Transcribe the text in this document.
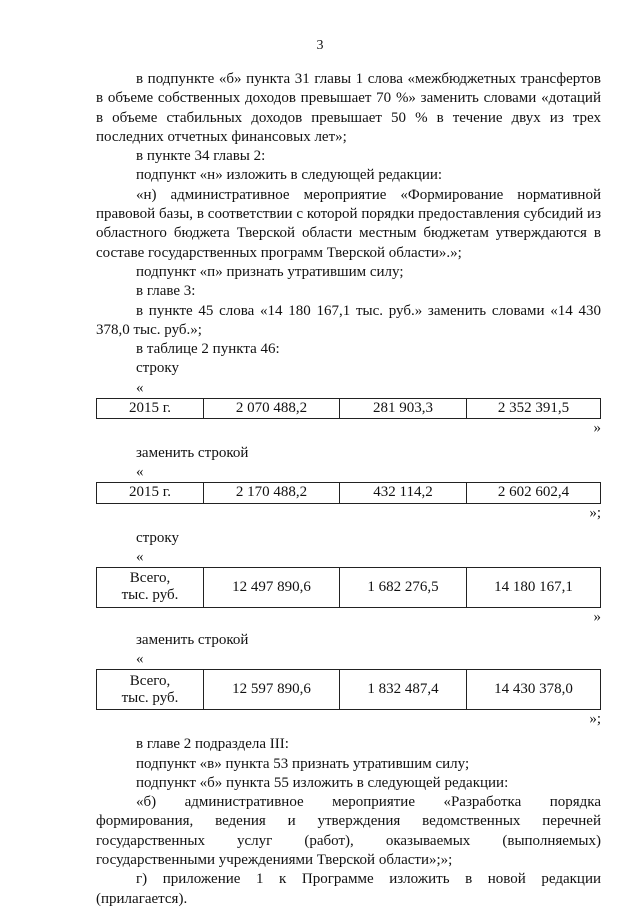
3

в подпункте «б» пункта 31 главы 1 слова «межбюджетных трансфертов в объеме собственных доходов превышает 70 %» заменить словами «дотаций в объеме стабильных доходов превышает 50 % в течение двух из трех последних отчетных финансовых лет»;

в пункте 34 главы 2:

подпункт «н» изложить в следующей редакции:

«н) административное мероприятие «Формирование нормативной правовой базы, в соответствии с которой порядки предоставления субсидий из областного бюджета Тверской области местным бюджетам утверждаются в составе государственных программ Тверской области».»;

подпункт «п» признать утратившим силу;

в главе 3:

в пункте 45 слова «14 180 167,1 тыс. руб.» заменить словами «14 430 378,0 тыс. руб.»;

в таблице 2 пункта 46:

строку

«
2015 г.	2 070 488,2	281 903,3	2 352 391,5
»

заменить строкой

«
2015 г.	2 170 488,2	432 114,2	2 602 602,4
»;

строку

«
Всего,
тыс. руб.	12 497 890,6	1 682 276,5	14 180 167,1
»

заменить строкой

«
Всего,
тыс. руб.	12 597 890,6	1 832 487,4	14 430 378,0
»;

в главе 2 подраздела III:

подпункт «в» пункта 53 признать утратившим силу;

подпункт «б» пункта 55 изложить в следующей редакции:

«б) административное мероприятие «Разработка порядка формирования, ведения и утверждения ведомственных перечней государственных услуг (работ), оказываемых (выполняемых) государственными учреждениями Тверской области»;»;

г) приложение 1 к Программе изложить в новой редакции (прилагается).
